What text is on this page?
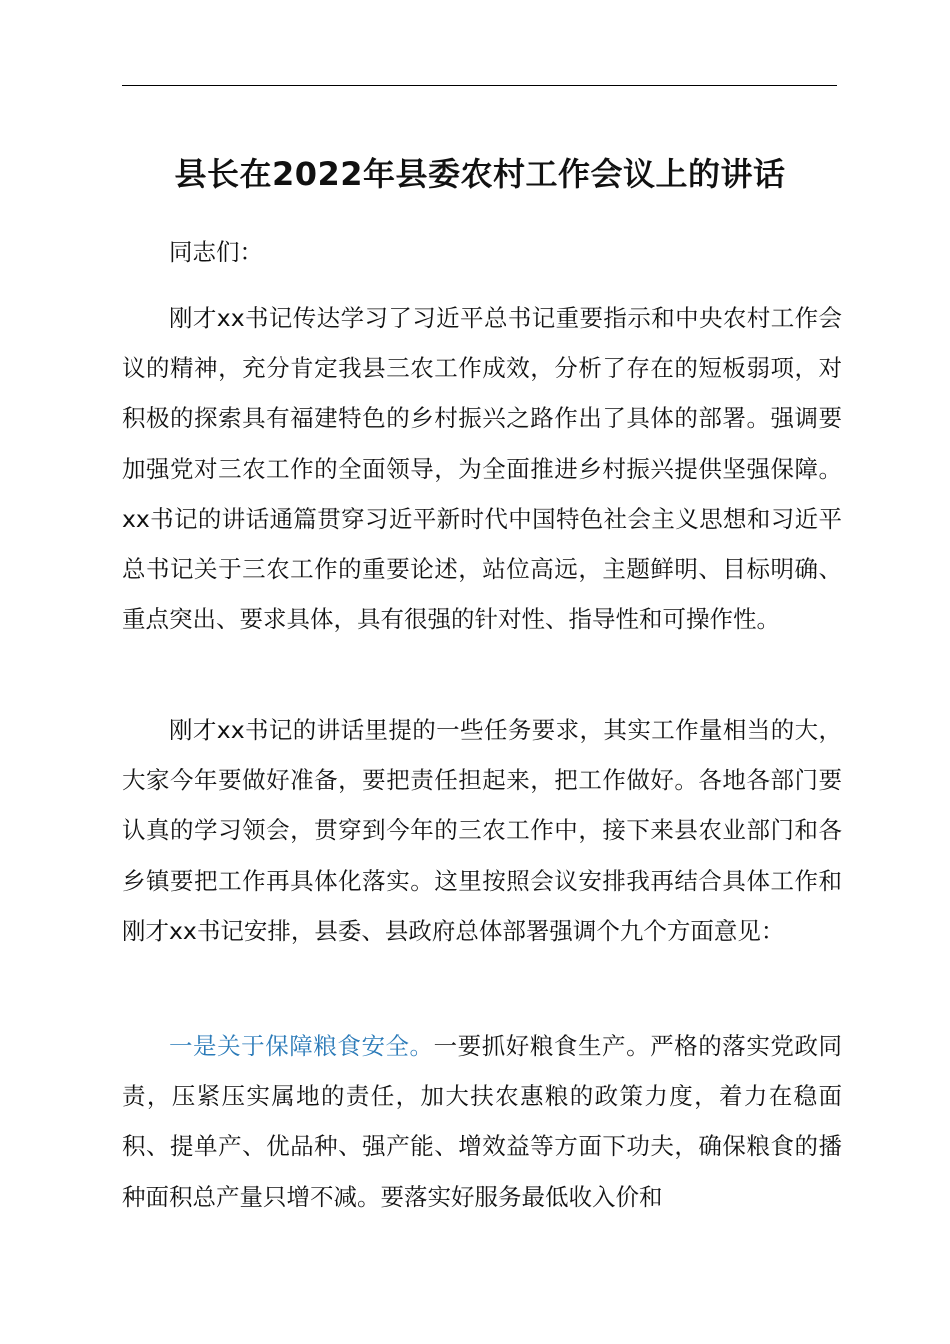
县长在2022年县委农村工作会议上的讲话

同志们：

刚才xx书记传达学习了习近平总书记重要指示和中央农村工作会议的精神，充分肯定我县三农工作成效，分析了存在的短板弱项，对积极的探索具有福建特色的乡村振兴之路作出了具体的部署。强调要加强党对三农工作的全面领导，为全面推进乡村振兴提供坚强保障。xx书记的讲话通篇贯穿习近平新时代中国特色社会主义思想和习近平总书记关于三农工作的重要论述，站位高远，主题鲜明、目标明确、重点突出、要求具体，具有很强的针对性、指导性和可操作性。

刚才xx书记的讲话里提的一些任务要求，其实工作量相当的大，大家今年要做好准备，要把责任担起来，把工作做好。各地各部门要认真的学习领会，贯穿到今年的三农工作中，接下来县农业部门和各乡镇要把工作再具体化落实。这里按照会议安排我再结合具体工作和刚才xx书记安排，县委、县政府总体部署强调个九个方面意见：

一是关于保障粮食安全。一要抓好粮食生产。严格的落实党政同责，压紧压实属地的责任，加大扶农惠粮的政策力度，着力在稳面积、提单产、优品种、强产能、增效益等方面下功夫，确保粮食的播种面积总产量只增不减。要落实好服务最低收入价和
